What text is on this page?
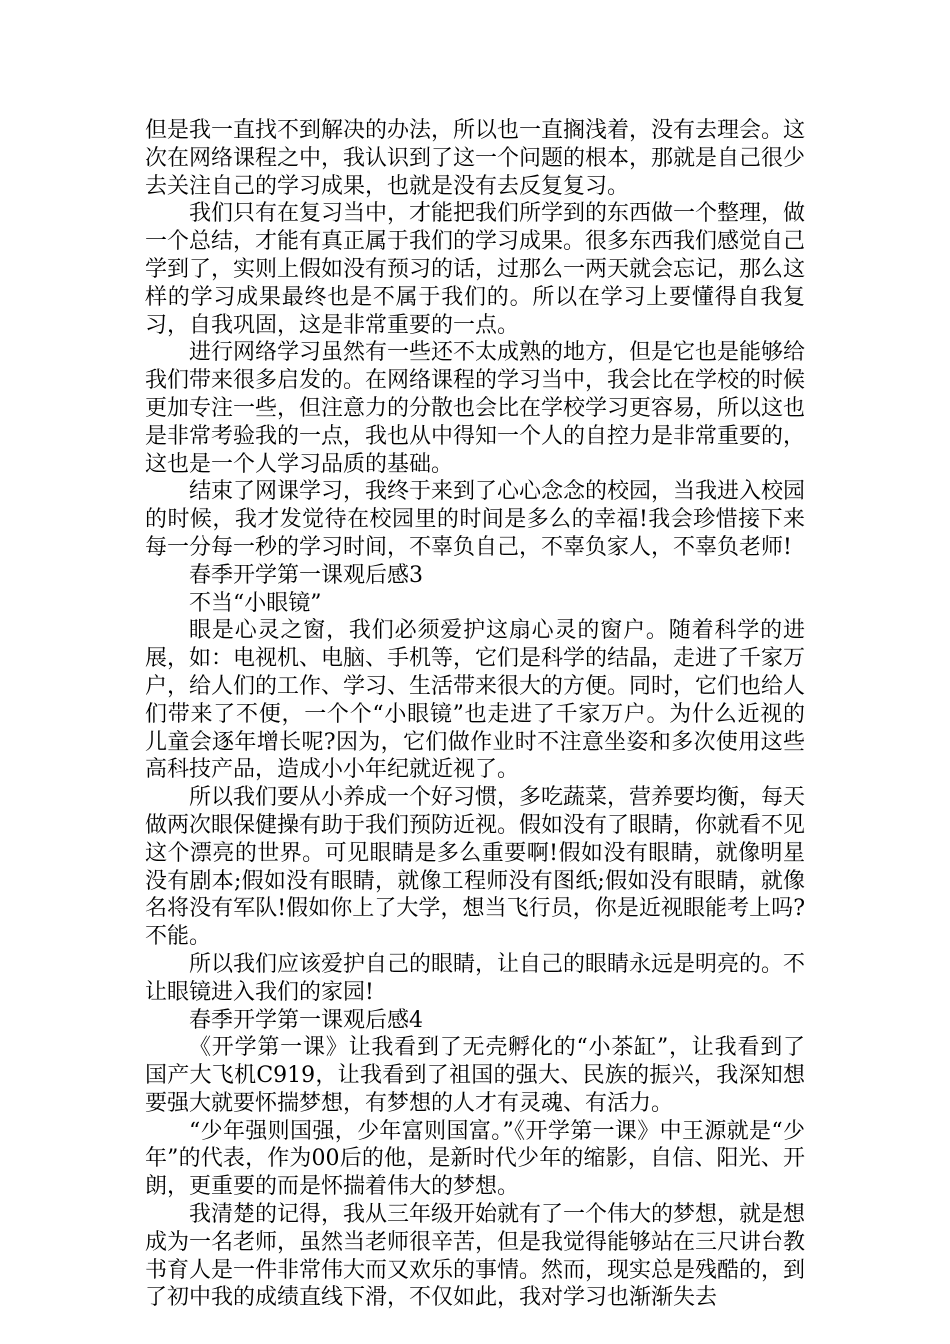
但是我一直找不到解决的办法，所以也一直搁浅着，没有去理会。这次在网络课程之中，我认识到了这一个问题的根本，那就是自己很少去关注自己的学习成果，也就是没有去反复复习。

我们只有在复习当中，才能把我们所学到的东西做一个整理，做一个总结，才能有真正属于我们的学习成果。很多东西我们感觉自己学到了，实则上假如没有预习的话，过那么一两天就会忘记，那么这样的学习成果最终也是不属于我们的。所以在学习上要懂得自我复习，自我巩固，这是非常重要的一点。

进行网络学习虽然有一些还不太成熟的地方，但是它也是能够给我们带来很多启发的。在网络课程的学习当中，我会比在学校的时候更加专注一些，但注意力的分散也会比在学校学习更容易，所以这也是非常考验我的一点，我也从中得知一个人的自控力是非常重要的，这也是一个人学习品质的基础。

结束了网课学习，我终于来到了心心念念的校园，当我进入校园的时候，我才发觉待在校园里的时间是多么的幸福!我会珍惜接下来每一分每一秒的学习时间，不辜负自己，不辜负家人，不辜负老师!

春季开学第一课观后感3

不当“小眼镜”

眼是心灵之窗，我们必须爱护这扇心灵的窗户。随着科学的进展，如：电视机、电脑、手机等，它们是科学的结晶，走进了千家万户，给人们的工作、学习、生活带来很大的方便。同时，它们也给人们带来了不便，一个个“小眼镜”也走进了千家万户。为什么近视的儿童会逐年增长呢?因为，它们做作业时不注意坐姿和多次使用这些高科技产品，造成小小年纪就近视了。

所以我们要从小养成一个好习惯，多吃蔬菜，营养要均衡，每天做两次眼保健操有助于我们预防近视。假如没有了眼睛，你就看不见这个漂亮的世界。可见眼睛是多么重要啊!假如没有眼睛，就像明星没有剧本;假如没有眼睛，就像工程师没有图纸;假如没有眼睛，就像名将没有军队!假如你上了大学，想当飞行员，你是近视眼能考上吗?不能。

所以我们应该爱护自己的眼睛，让自己的眼睛永远是明亮的。不让眼镜进入我们的家园!

春季开学第一课观后感4

《开学第一课》让我看到了无壳孵化的“小茶缸”，让我看到了国产大飞机C919，让我看到了祖国的强大、民族的振兴，我深知想要强大就要怀揣梦想，有梦想的人才有灵魂、有活力。

“少年强则国强，少年富则国富。”《开学第一课》中王源就是“少年”的代表，作为00后的他，是新时代少年的缩影，自信、阳光、开朗，更重要的而是怀揣着伟大的梦想。

我清楚的记得，我从三年级开始就有了一个伟大的梦想，就是想成为一名老师，虽然当老师很辛苦，但是我觉得能够站在三尺讲台教书育人是一件非常伟大而又欢乐的事情。然而，现实总是残酷的，到了初中我的成绩直线下滑，不仅如此，我对学习也渐渐失去
